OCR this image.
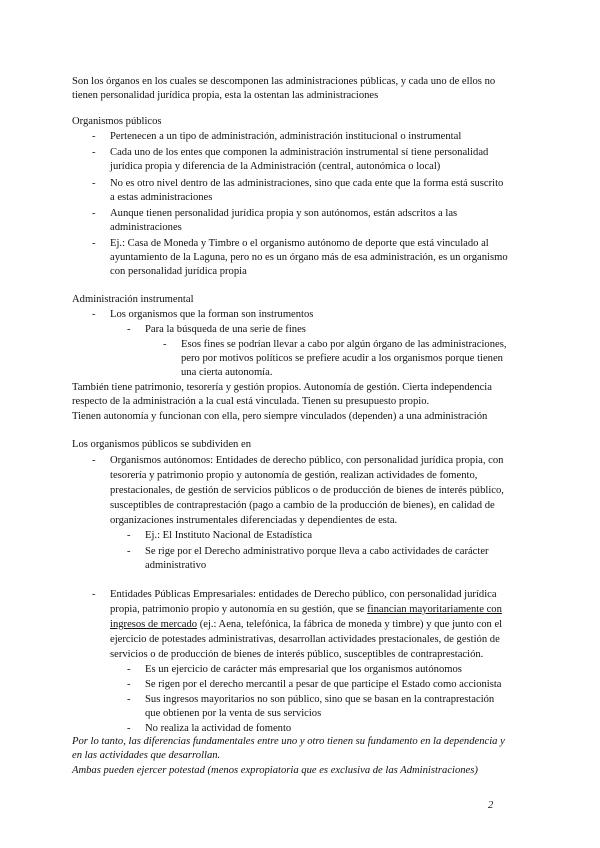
Son los órganos en los cuales se descomponen las administraciones públicas, y cada uno de ellos no
tienen personalidad jurídica propia, esta la ostentan las administraciones
Organismos públicos
- Pertenecen a un tipo de administración, administración institucional o instrumental
- Cada uno de los entes que componen la administración instrumental sí tiene personalidad
jurídica propia y diferencia de la Administración (central, autonómica o local)
- No es otro nivel dentro de las administraciones, sino que cada ente que la forma está suscrito
a estas administraciones
- Aunque tienen personalidad jurídica propia y son autónomos, están adscritos a las
administraciones
- Ej.: Casa de Moneda y Timbre o el organismo autónomo de deporte que está vinculado al
ayuntamiento de la Laguna, pero no es un órgano más de esa administración, es un organismo
con personalidad jurídica propia
Administración instrumental
- Los organismos que la forman son instrumentos
- Para la búsqueda de una serie de fines
- Esos fines se podrían llevar a cabo por algún órgano de las administraciones,
pero por motivos políticos se prefiere acudir a los organismos porque tienen
una cierta autonomía.
También tiene patrimonio, tesorería y gestión propios. Autonomía de gestión. Cierta independencia
respecto de la administración a la cual está vinculada. Tienen su presupuesto propio.
Tienen autonomía y funcionan con ella, pero siempre vinculados (dependen) a una administración
Los organismos públicos se subdividen en
- Organismos autónomos: Entidades de derecho público, con personalidad jurídica propia, con
tesorería y patrimonio propio y autonomía de gestión, realizan actividades de fomento,
prestacionales, de gestión de servicios públicos o de producción de bienes de interés público,
susceptibles de contraprestación (pago a cambio de la producción de bienes), en calidad de
organizaciones instrumentales diferenciadas y dependientes de esta.
- Ej.: El Instituto Nacional de Estadística
- Se rige por el Derecho administrativo porque lleva a cabo actividades de carácter
administrativo
- Entidades Públicas Empresariales: entidades de Derecho público, con personalidad jurídica
propia, patrimonio propio y autonomía en su gestión, que se financian mayoritariamente con
ingresos de mercado (ej.: Aena, telefónica, la fábrica de moneda y timbre) y que junto con el
ejercicio de potestades administrativas, desarrollan actividades prestacionales, de gestión de
servicios o de producción de bienes de interés público, susceptibles de contraprestación.
- Es un ejercicio de carácter más empresarial que los organismos autónomos
- Se rigen por el derecho mercantil a pesar de que participe el Estado como accionista
- Sus ingresos mayoritarios no son público, sino que se basan en la contraprestación
que obtienen por la venta de sus servicios
- No realiza la actividad de fomento
Por lo tanto, las diferencias fundamentales entre uno y otro tienen su fundamento en la dependencia y
en las actividades que desarrollan.
Ambas pueden ejercer potestad (menos expropiatoria que es exclusiva de las Administraciones)
2
